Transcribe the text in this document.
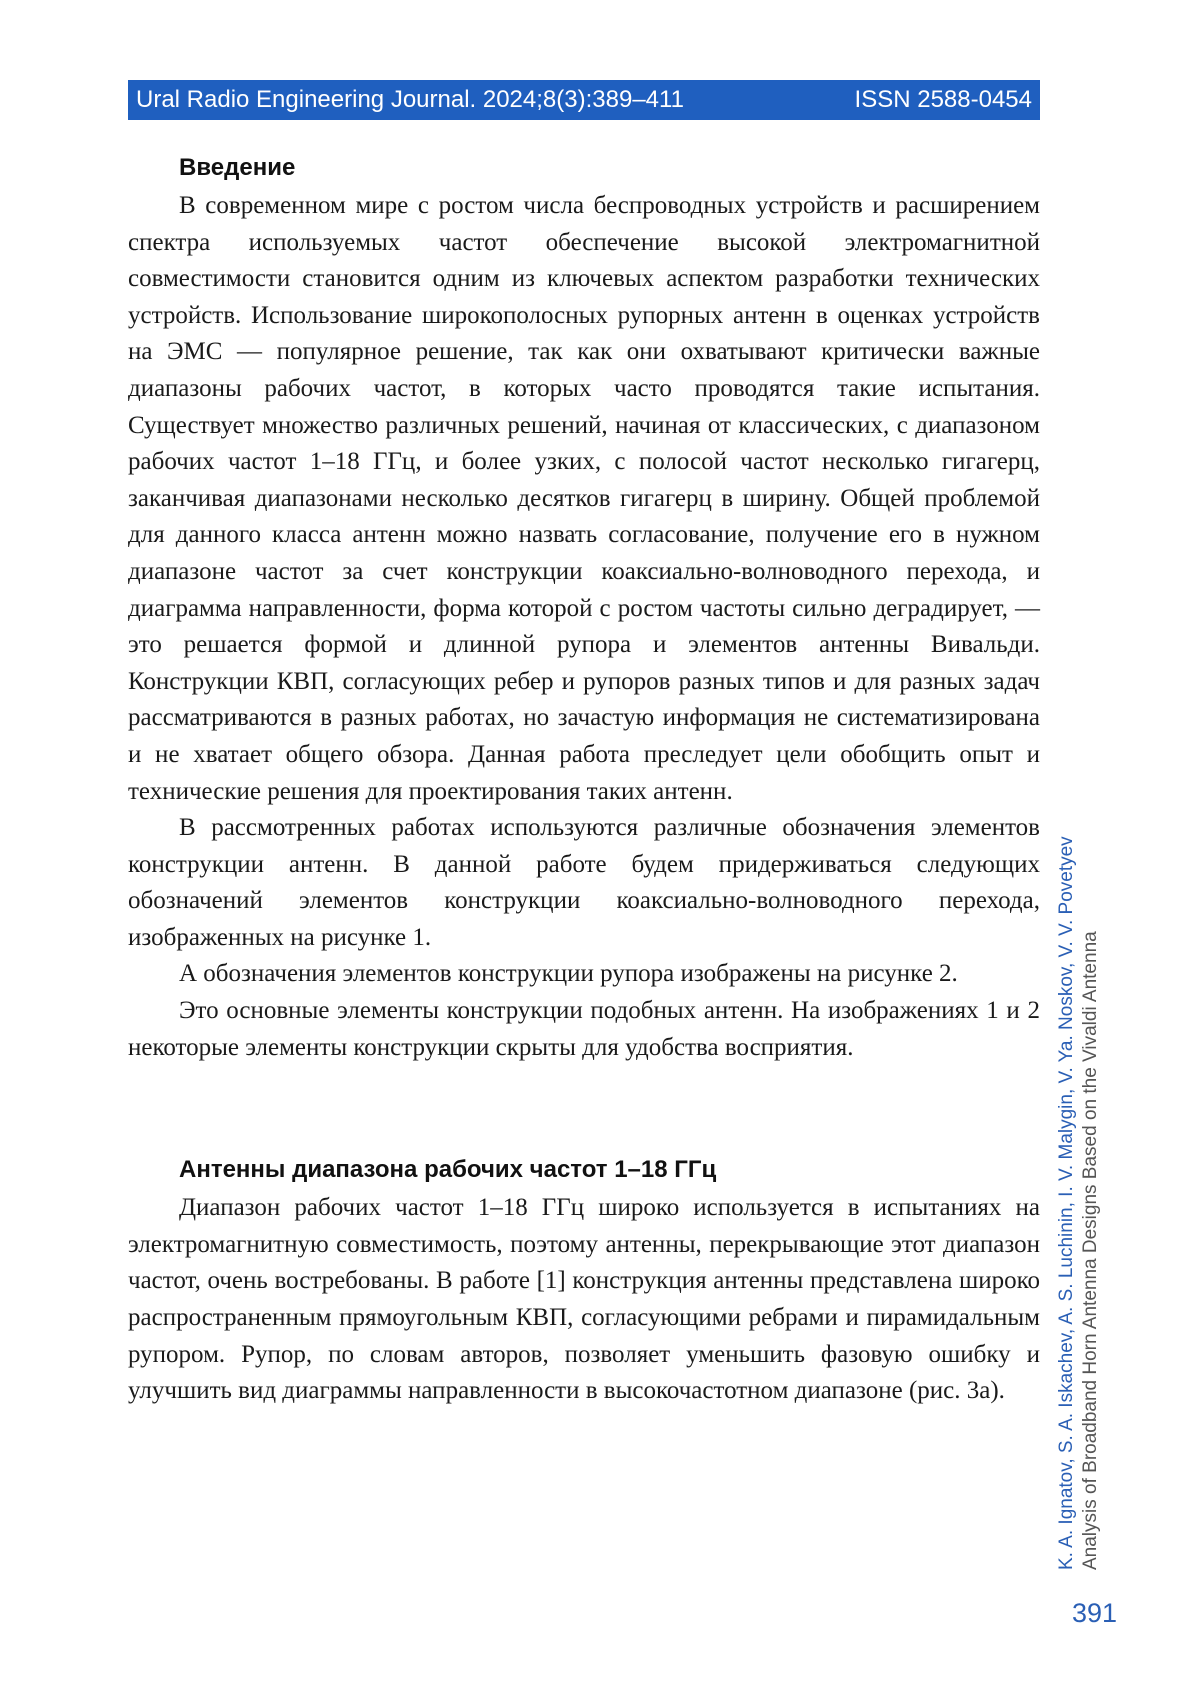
Ural Radio Engineering Journal. 2024;8(3):389–411	ISSN 2588-0454
Введение

В современном мире с ростом числа беспроводных устройств и рас­ширением спектра используемых частот обеспечение высокой электро­магнитной совместимости становится одним из ключевых аспектом разра­ботки технических устройств. Использование широкополосных рупорных антенн в оценках устройств на ЭМС — популярное решение, так как они охватывают критически важные диапазоны рабочих частот, в которых часто проводятся такие испытания. Существует множество различных решений, начиная от классических, с диапазоном рабочих частот 1–18 ГГц, и более узких, с полосой частот несколько гигагерц, заканчивая диапазона­ми несколько десятков гигагерц в ширину. Общей проблемой для данного класса антенн можно назвать согласование, получение его в нужном диа­пазоне частот за счет конструкции коаксиально-волноводного перехода, и диаграмма направленности, форма которой с ростом частоты сильно деградирует, — это решается формой и длинной рупора и элементов ан­тенны Вивальди. Конструкции КВП, согласующих ребер и рупоров разных типов и для разных задач рассматриваются в разных работах, но зачастую информация не систематизирована и не хватает общего обзора. Данная работа преследует цели обобщить опыт и технические решения для про­ектирования таких антенн.

В рассмотренных работах используются различные обозначения эле­ментов конструкции антенн. В данной работе будем придерживаться сле­дующих обозначений элементов конструкции коаксиально-волноводного перехода, изображенных на рисунке 1.

А обозначения элементов конструкции рупора изображены на рисунке 2.

Это основные элементы конструкции подобных антенн. На изобра­жениях 1 и 2 некоторые элементы конструкции скрыты для удобства вос­приятия.

Антенны диапазона рабочих частот 1–18 ГГц

Диапазон рабочих частот 1–18 ГГц широко используется в испытаниях на электромагнитную совместимость, поэтому антенны, перекрывающие этот диапазон частот, очень востребованы. В работе [1] конструкция ан­тенны представлена широко распространенным прямоугольным КВП, согласующими ребрами и пирамидальным рупором. Рупор, по словам ав­торов, позволяет уменьшить фазовую ошибку и улучшить вид диаграммы направленности в высокочастотном диапазоне (рис. 3а).	K. A. Ignatov, S. A. Iskachev, A. S. Luchinin, I. V. Malygin, V. Ya. Noskov, V. V. Povetyev Analysis of Broadband Horn Antenna Designs Based on the Vivaldi Antenna
391
